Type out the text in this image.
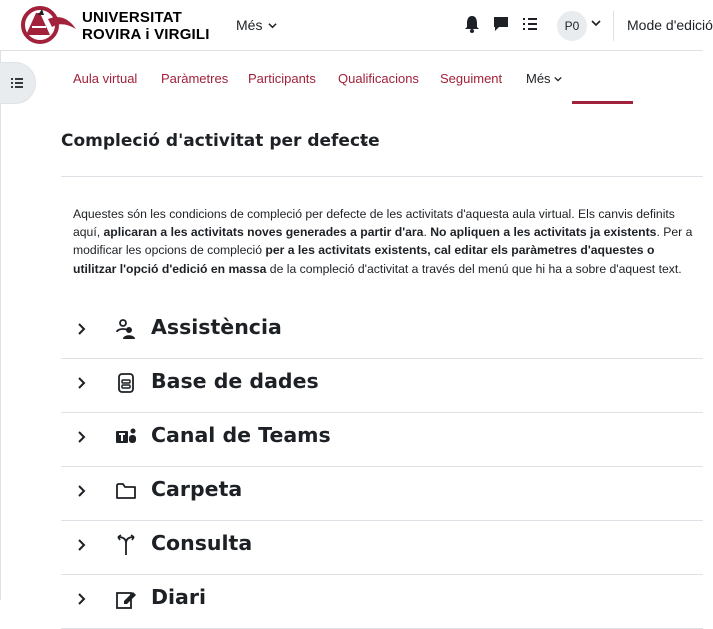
UNIVERSITAT
ROVIRA i VIRGILI
Més	P0	Mode d'edició
Aula virtual Paràmetres Participants Qualificacions Seguiment Més
Compleció d'activitat per defecte
Aquestes són les condicions de compleció per defecte de les activitats d'aquesta aula virtual. Els canvis definits aquí, aplicaran a les activitats noves generades a partir d'ara. No apliquen a les activitats ja existents. Per a modificar les opcions de compleció per a les activitats existents, cal editar els paràmetres d'aquestes o utilitzar l'opció d'edició en massa de la compleció d'activitat a través del menú que hi ha a sobre d'aquest text.
Assistència
Base de dades
Canal de Teams
Carpeta
Consulta
Diari
